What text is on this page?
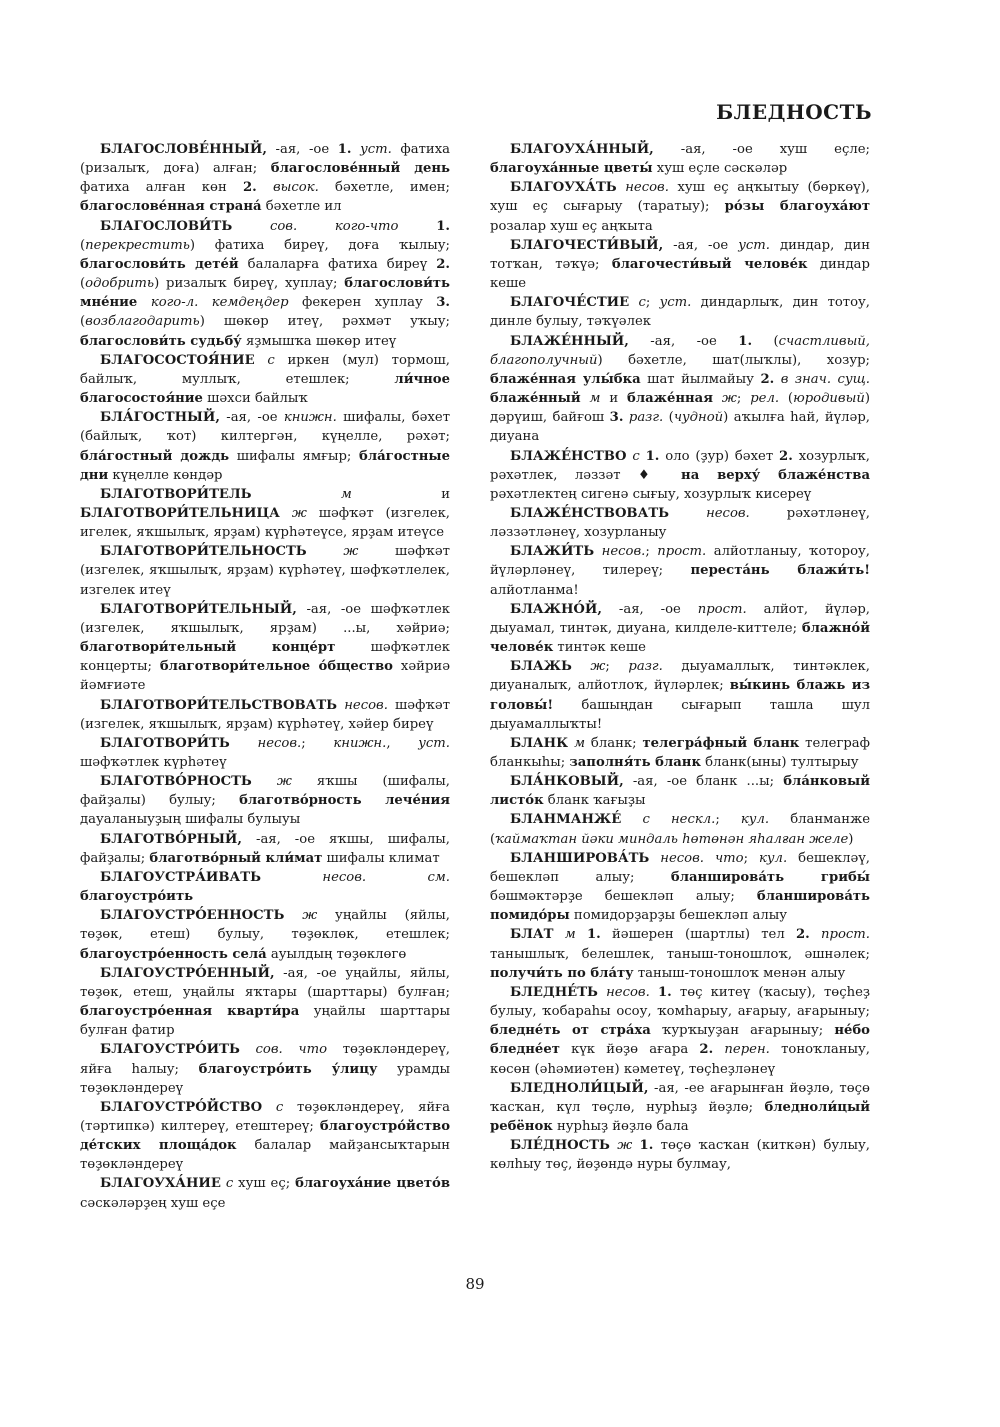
БЛЕДНОСТЬ

БЛАГОСЛОВЕ́ННЫЙ, -ая, -ое 1. уст. фатиха (ризалыҡ, доға) алған; благослове́нный день фатиха алған көн 2. высок. бәхетле, имен; благослове́нная страна́ бәхетле ил

БЛАГОСЛОВИ́ТЬ	сов. кого-что	1. (перекрестить) фатиха биреү, доға ҡылыу; благослови́ть дете́й балаларға фатиха биреү 2. (одобрить) ризалыҡ биреү, хуплау; благослови́ть мне́ние кого-л. кемдеңдер фекерен хуплау 3. (возблагодарить) шөкөр итеү, рәхмәт уҡыу; благослови́ть судьбу́ яҙмышҡа шөкөр итеү

БЛАГОСОСТОЯ́НИЕ с иркен (мул) тормош, байлыҡ, муллыҡ, етешлек; ли́чное благосостоя́ние шәхси байлыҡ

БЛА́ГОСТНЫЙ, -ая, -ое книжн. шифалы, бәхет (байлыҡ, ҡот) килтергән, күңелле, рәхәт; бла́гостный дождь шифалы ямғыр; бла́гостные дни күңелле көндәр

БЛАГОТВОРИ́ТЕЛЬ	м и БЛАГОТВОРИ́ТЕЛЬНИЦА ж шәфҡәт (изгелек, игелек, яҡшылыҡ, ярҙам) күрһәтеүсе, ярҙам итеүсе

БЛАГОТВОРИ́ТЕЛЬНОСТЬ	ж шәфҡәт (изгелек, яҡшылыҡ, ярҙам) күрһәтеү, шәфҡәтлелек, изгелек итеү

БЛАГОТВОРИ́ТЕЛЬНЫЙ, -ая, -ое шәфҡәтлек (изгелек, яҡшылыҡ, ярҙам) ...ы, хәйриә; благотвори́тельный конце́рт шәфҡәтлек концерты; благотвори́тельное о́бщество хәйриә йәмғиәте

БЛАГОТВОРИ́ТЕЛЬСТВОВАТЬ несов. шәфҡәт (изгелек, яҡшылыҡ, ярҙам) күрһәтеү, хәйер биреү

БЛАГОТВОРИ́ТЬ несов.; книжн., уст. шәфҡәтлек күрһәтеү

БЛАГОТВО́РНОСТЬ ж яҡшы (шифалы, файҙалы) булыу; благотво́рность лече́ния дауаланыуҙың шифалы булыуы

БЛАГОТВО́РНЫЙ, -ая, -ое яҡшы, шифалы, файҙалы; благотво́рный кли́мат шифалы климат

БЛАГОУСТРА́ИВАТЬ	несов. см. благоустро́ить

БЛАГОУСТРО́ЕННОСТЬ ж уңайлы (яйлы, төҙөк, етеш) булыу, төҙөклөк, етешлек; благоустро́енность села́ ауылдың төҙөклөгө

БЛАГОУСТРО́ЕННЫЙ, -ая, -ое уңайлы, яйлы, төҙөк, етеш, уңайлы яҡтары (шарттары) булған; благоустро́енная кварти́ра уңайлы шарттары булған фатир

БЛАГОУСТРО́ИТЬ сов. что төҙөкләндереү, яйға һалыу; благоустро́ить у́лицу урамды төҙөкләндереү

БЛАГОУСТРО́ЙСТВО с төҙөкләндереү, яйға (тәртипкә) килтереү, етештереү; благоустро́йство де́тских площа́док балалар майҙансыҡтарын төҙөкләндереү

БЛАГОУХА́НИЕ с хуш еҫ; благоуха́ние цвето́в сәскәләрҙең хуш еҫе

БЛАГОУХА́ННЫЙ, -ая, -ое хуш еҫле; благоуха́нные цветы́ хуш еҫле сәскәләр

БЛАГОУХА́ТЬ несов. хуш еҫ аңҡытыу (бөркөү), хуш еҫ сығарыу (таратыу); ро́зы благоуха́ют розалар хуш еҫ аңҡыта

БЛАГОЧЕСТИ́ВЫЙ, -ая, -ое уст. диндар, дин тотҡан, тәҡүә; благочести́вый челове́к диндар кеше

БЛАГОЧЕ́СТИЕ с; уст. диндарлыҡ, дин тотоу, динле булыу, тәҡүәлек

БЛАЖЕ́ННЫЙ, -ая, -ое 1. (счастливый, благополучный) бәхетле, шат(лыҡлы), хозур; блаже́нная улы́бка шат йылмайыу 2. в знач. сущ. блаже́нный м и блаже́нная ж; рел. (юродивый) дәрүиш, байғош 3. разг. (чудной) аҡылға һай, йүләр, диуана

БЛАЖЕ́НСТВО с 1. оло (ҙур) бәхет 2. хозурлыҡ, рәхәтлек, ләззәт ♦ на верху́ блаже́нства рәхәтлектең сигенә сығыу, хозурлыҡ кисереү

БЛАЖЕ́НСТВОВАТЬ	несов. рәхәтләнеү, ләззәтләнеү, хозурланыу

БЛАЖИ́ТЬ несов.; прост. алйотланыу, ҡотороу, йүләрләнеү, тилереү; переста́нь блажи́ть! алйотланма!

БЛАЖНО́Й, -ая, -ое прост. алйот, йүләр, дыуамал, тинтәк, диуана, килделе-киттеле; блажно́й челове́к тинтәк кеше

БЛАЖЬ ж; разг. дыуамаллыҡ, тинтәклек, диуаналыҡ, алйотлоҡ, йүләрлек; вы́кинь блажь из головы́! башыңдан сығарып ташла шул дыуамаллыҡты!

БЛАНК м бланк; телегра́фный бланк телеграф бланкыһы; заполня́ть бланк бланк(ыны) тултырыу

БЛА́НКОВЫЙ, -ая, -ое бланк ...ы; бла́нковый листо́к бланк ҡағыҙы

БЛАНМАНЖЕ́ с нескл.; кул. бланманже (ҡаймаҡтан йәки миндаль һөтөнән яһалған желе)

БЛАНШИРОВА́ТЬ несов. что; кул. бешекләү, бешекләп алыу; бланширова́ть грибы́ бәшмәктәрҙе бешекләп алыу; бланширова́ть помидо́ры помидорҙарҙы бешекләп алыу

БЛАТ м 1. йәшерен (шартлы) тел 2. прост. танышлыҡ, белешлек, таныш-тоношлоҡ, әшнәлек; получи́ть по бла́ту таныш-тоношлоҡ менән алыу

БЛЕДНЕ́ТЬ несов. 1. төҫ китеү (ҡасыу), төҫһеҙ булыу, ҡобараһы осоу, ҡомһарыу, ағарыу, ағарыныу; бледне́ть от стра́ха ҡурҡыуҙан ағарыныу; не́бо бледне́ет күк йөҙө ағара 2. перен. тоноҡланыу, көсөн (әһәмиәтен) кәметеү, төҫһеҙләнеү

БЛЕДНОЛИ́ЦЫЙ, -ая, -ее ағарынған йөҙлө, төҫө ҡасҡан, күл төҫлө, нурһыҙ йөҙлө; бледноли́цый ребёнок нурһыҙ йөҙлө бала

БЛЕ́ДНОСТЬ ж 1. төҫө ҡасҡан (киткән) булыу, көлһыу төҫ, йөҙөндә нуры булмау,

89
